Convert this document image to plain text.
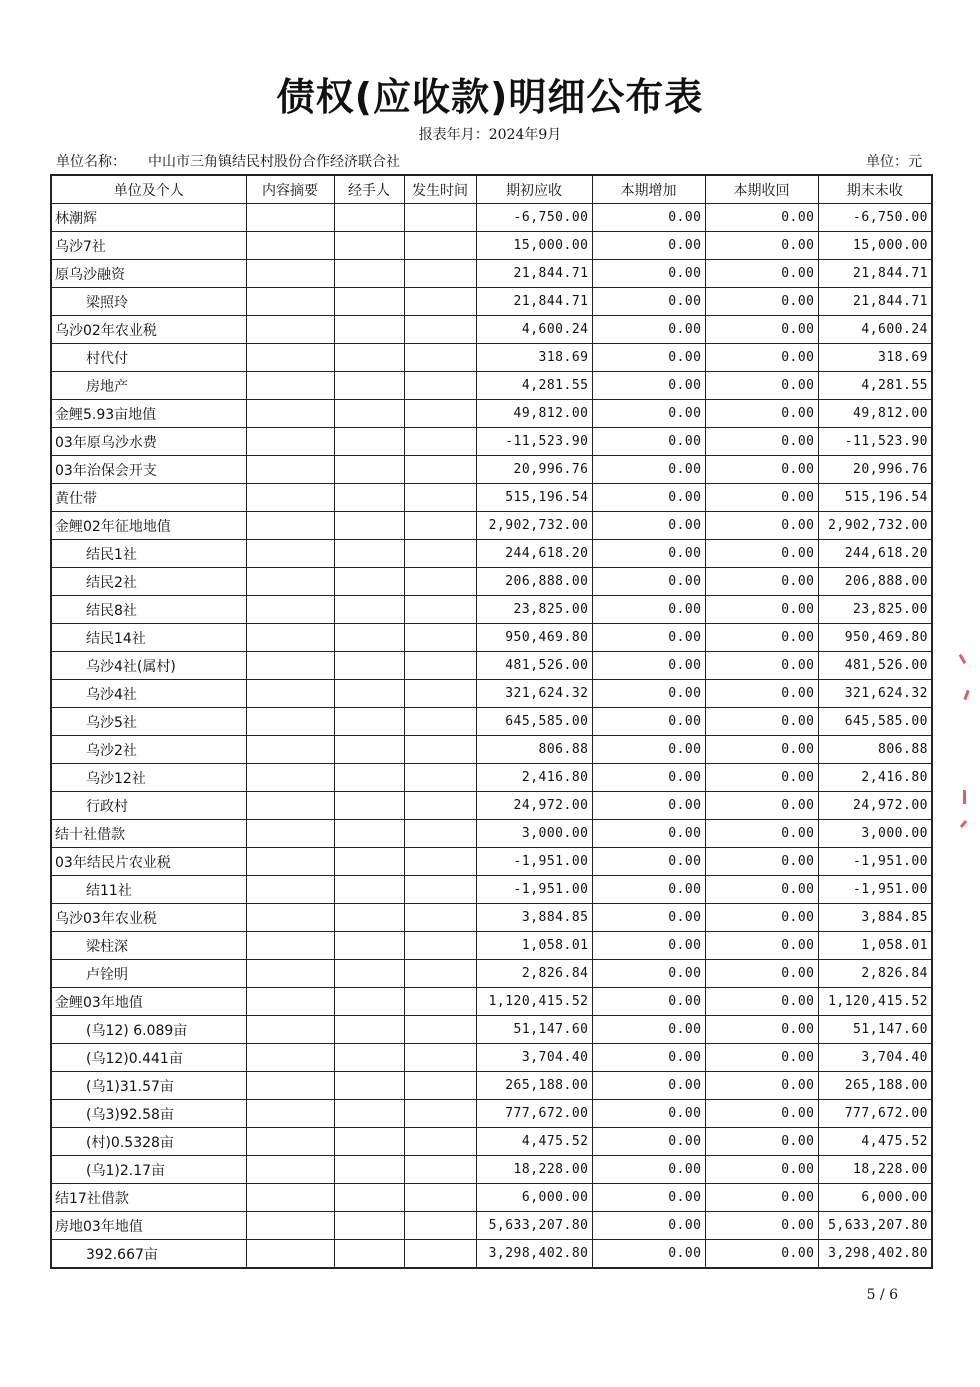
债权(应收款)明细公布表
报表年月：2024年9月
单位名称： 中山市三角镇结民村股份合作经济联合社	单位：元
单位及个人	内容摘要	经手人	发生时间	期初应收	本期增加	本期收回	期末未收
林潮辉				-6,750.00	0.00	0.00	-6,750.00
乌沙7社				15,000.00	0.00	0.00	15,000.00
原乌沙融资				21,844.71	0.00	0.00	21,844.71
梁照玲				21,844.71	0.00	0.00	21,844.71
乌沙02年农业税				4,600.24	0.00	0.00	4,600.24
村代付				318.69	0.00	0.00	318.69
房地产				4,281.55	0.00	0.00	4,281.55
金鲤5.93亩地值				49,812.00	0.00	0.00	49,812.00
03年原乌沙水费				-11,523.90	0.00	0.00	-11,523.90
03年治保会开支				20,996.76	0.00	0.00	20,996.76
黄仕带				515,196.54	0.00	0.00	515,196.54
金鲤02年征地地值				2,902,732.00	0.00	0.00	2,902,732.00
结民1社				244,618.20	0.00	0.00	244,618.20
结民2社				206,888.00	0.00	0.00	206,888.00
结民8社				23,825.00	0.00	0.00	23,825.00
结民14社				950,469.80	0.00	0.00	950,469.80
乌沙4社(属村)				481,526.00	0.00	0.00	481,526.00
乌沙4社				321,624.32	0.00	0.00	321,624.32
乌沙5社				645,585.00	0.00	0.00	645,585.00
乌沙2社				806.88	0.00	0.00	806.88
乌沙12社				2,416.80	0.00	0.00	2,416.80
行政村				24,972.00	0.00	0.00	24,972.00
结十社借款				3,000.00	0.00	0.00	3,000.00
03年结民片农业税				-1,951.00	0.00	0.00	-1,951.00
结11社				-1,951.00	0.00	0.00	-1,951.00
乌沙03年农业税				3,884.85	0.00	0.00	3,884.85
梁柱深				1,058.01	0.00	0.00	1,058.01
卢铨明				2,826.84	0.00	0.00	2,826.84
金鲤03年地值				1,120,415.52	0.00	0.00	1,120,415.52
(乌12) 6.089亩				51,147.60	0.00	0.00	51,147.60
(乌12)0.441亩				3,704.40	0.00	0.00	3,704.40
(乌1)31.57亩				265,188.00	0.00	0.00	265,188.00
(乌3)92.58亩				777,672.00	0.00	0.00	777,672.00
(村)0.5328亩				4,475.52	0.00	0.00	4,475.52
(乌1)2.17亩				18,228.00	0.00	0.00	18,228.00
结17社借款				6,000.00	0.00	0.00	6,000.00
房地03年地值				5,633,207.80	0.00	0.00	5,633,207.80
392.667亩				3,298,402.80	0.00	0.00	3,298,402.80
5 / 6
